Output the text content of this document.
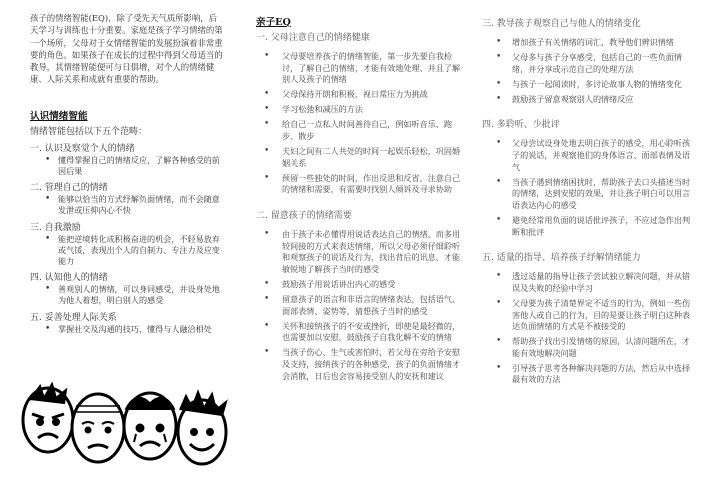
孩子的情绪智能(EQ)，除了受先天气质所影响，后天学习与训练也十分重要。家庭是孩子学习情绪的第一个场所，父母对于女情绪智能的发展扮演着非常重要的角色。如果孩子在成长的过程中得到父母适当的教导，其情绪智能便可与日俱增，对个人的情绪健康、人际关系和成就有重要的帮助。

认识情绪智能
情绪智能包括以下五个范畴：
一. 认识及察觉个人的情绪
• 懂得掌握自己的情绪反应，了解各种感受的前因后果
二. 管理自己的情绪
• 能够以恰当的方式纾解负面情绪，而不会随意发泄或压抑内心不快
三. 自我激励
• 能把逆境转化成积极奋进的机会，不轻易放弃或气馁，表现出个人的自制力、专注力及应变能力
四. 认知他人的情绪
• 善观别人的情绪，可以身同感受，并设身处地为他人着想，明白别人的感受
五. 妥善处理人际关系
• 掌握社交及沟通的技巧，懂得与人融洽相处
亲子EQ
一. 父母注意自己的情绪健康
• 父母要培养孩子的情绪智能，第一步先要自我检讨，了解自己的情绪，才能有效地处理、并且了解别人及孩子的情绪
• 父母保持开朗和积极，视日常压力为挑战
• 学习松弛和减压的方法
• 给自己一点私人时间善待自己，例如听音乐、跑步、散步
• 夫妇之间有二人共处的时间一起娱乐轻松，巩固婚姻关系
• 预留一些独处的时间，作出反思和反省，注意自己的情绪和需要，有需要时找别人倾诉及寻求协助
二. 留意孩子的情绪需要
• 由于孩子未必懂得用说话表达自己的情绪，而多用较间接的方式来表达情绪，所以父母必须仔细聆听和观察孩子的说话及行为，找出背后的讯息，才能敏锐地了解孩子当时的感受
• 鼓励孩子用说话讲出内心的感受
• 留意孩子的语言和非语言的情绪表达，包括语气、面部表情、姿势等，猜想孩子当时的感受
• 关怀和接纳孩子的不安或挫折，即使是最轻微的，也需要加以安慰，鼓励孩子自我化解不安的情绪
• 当孩子伤心、生气或害怕时，若父母在旁给予安慰及支持，接纳孩子的各种感受，孩子的负面情绪才会消散，日后也会容易接受别人的安抚和建议
三. 教导孩子观察自己与他人的情绪变化
• 增加孩子有关情绪的词汇，教导他们辨识情绪
• 父母多与孩子分享感受，包括自己的一些负面情绪，并分享或示范自己的处理方法
• 与孩子一起阅读时，多讨论故事人物的情绪变化
• 鼓励孩子留意观察别人的情绪反应
四. 多聆听、少批评
• 父母尝试设身处地去明白孩子的感受，用心聆听孩子的说话，并观察他们的身体语言、面部表情及语气
• 当孩子遇到情绪困扰时，帮助孩子去口头描述当时的情绪，达到安慰的效果，并让孩子明白可以用言语表达内心的感受
• 避免经常用负面的说话批评孩子，不应过急作出判断和批评
五. 适量的指导、培养孩子纾解情绪能力
• 透过适量的指导让孩子尝试独立解决问题，并从错误及失败的经验中学习
• 父母要为孩子清楚界定不适当的行为，例如一些伤害他人或自己的行为，目的是要让孩子明白这种表达负面情绪的方式是不被接受的
• 帮助孩子找出引发情绪的原因，认清问题所在，才能有效地解决问题
• 引导孩子思考各种解决问题的方法，然后从中选择最有效的方法
